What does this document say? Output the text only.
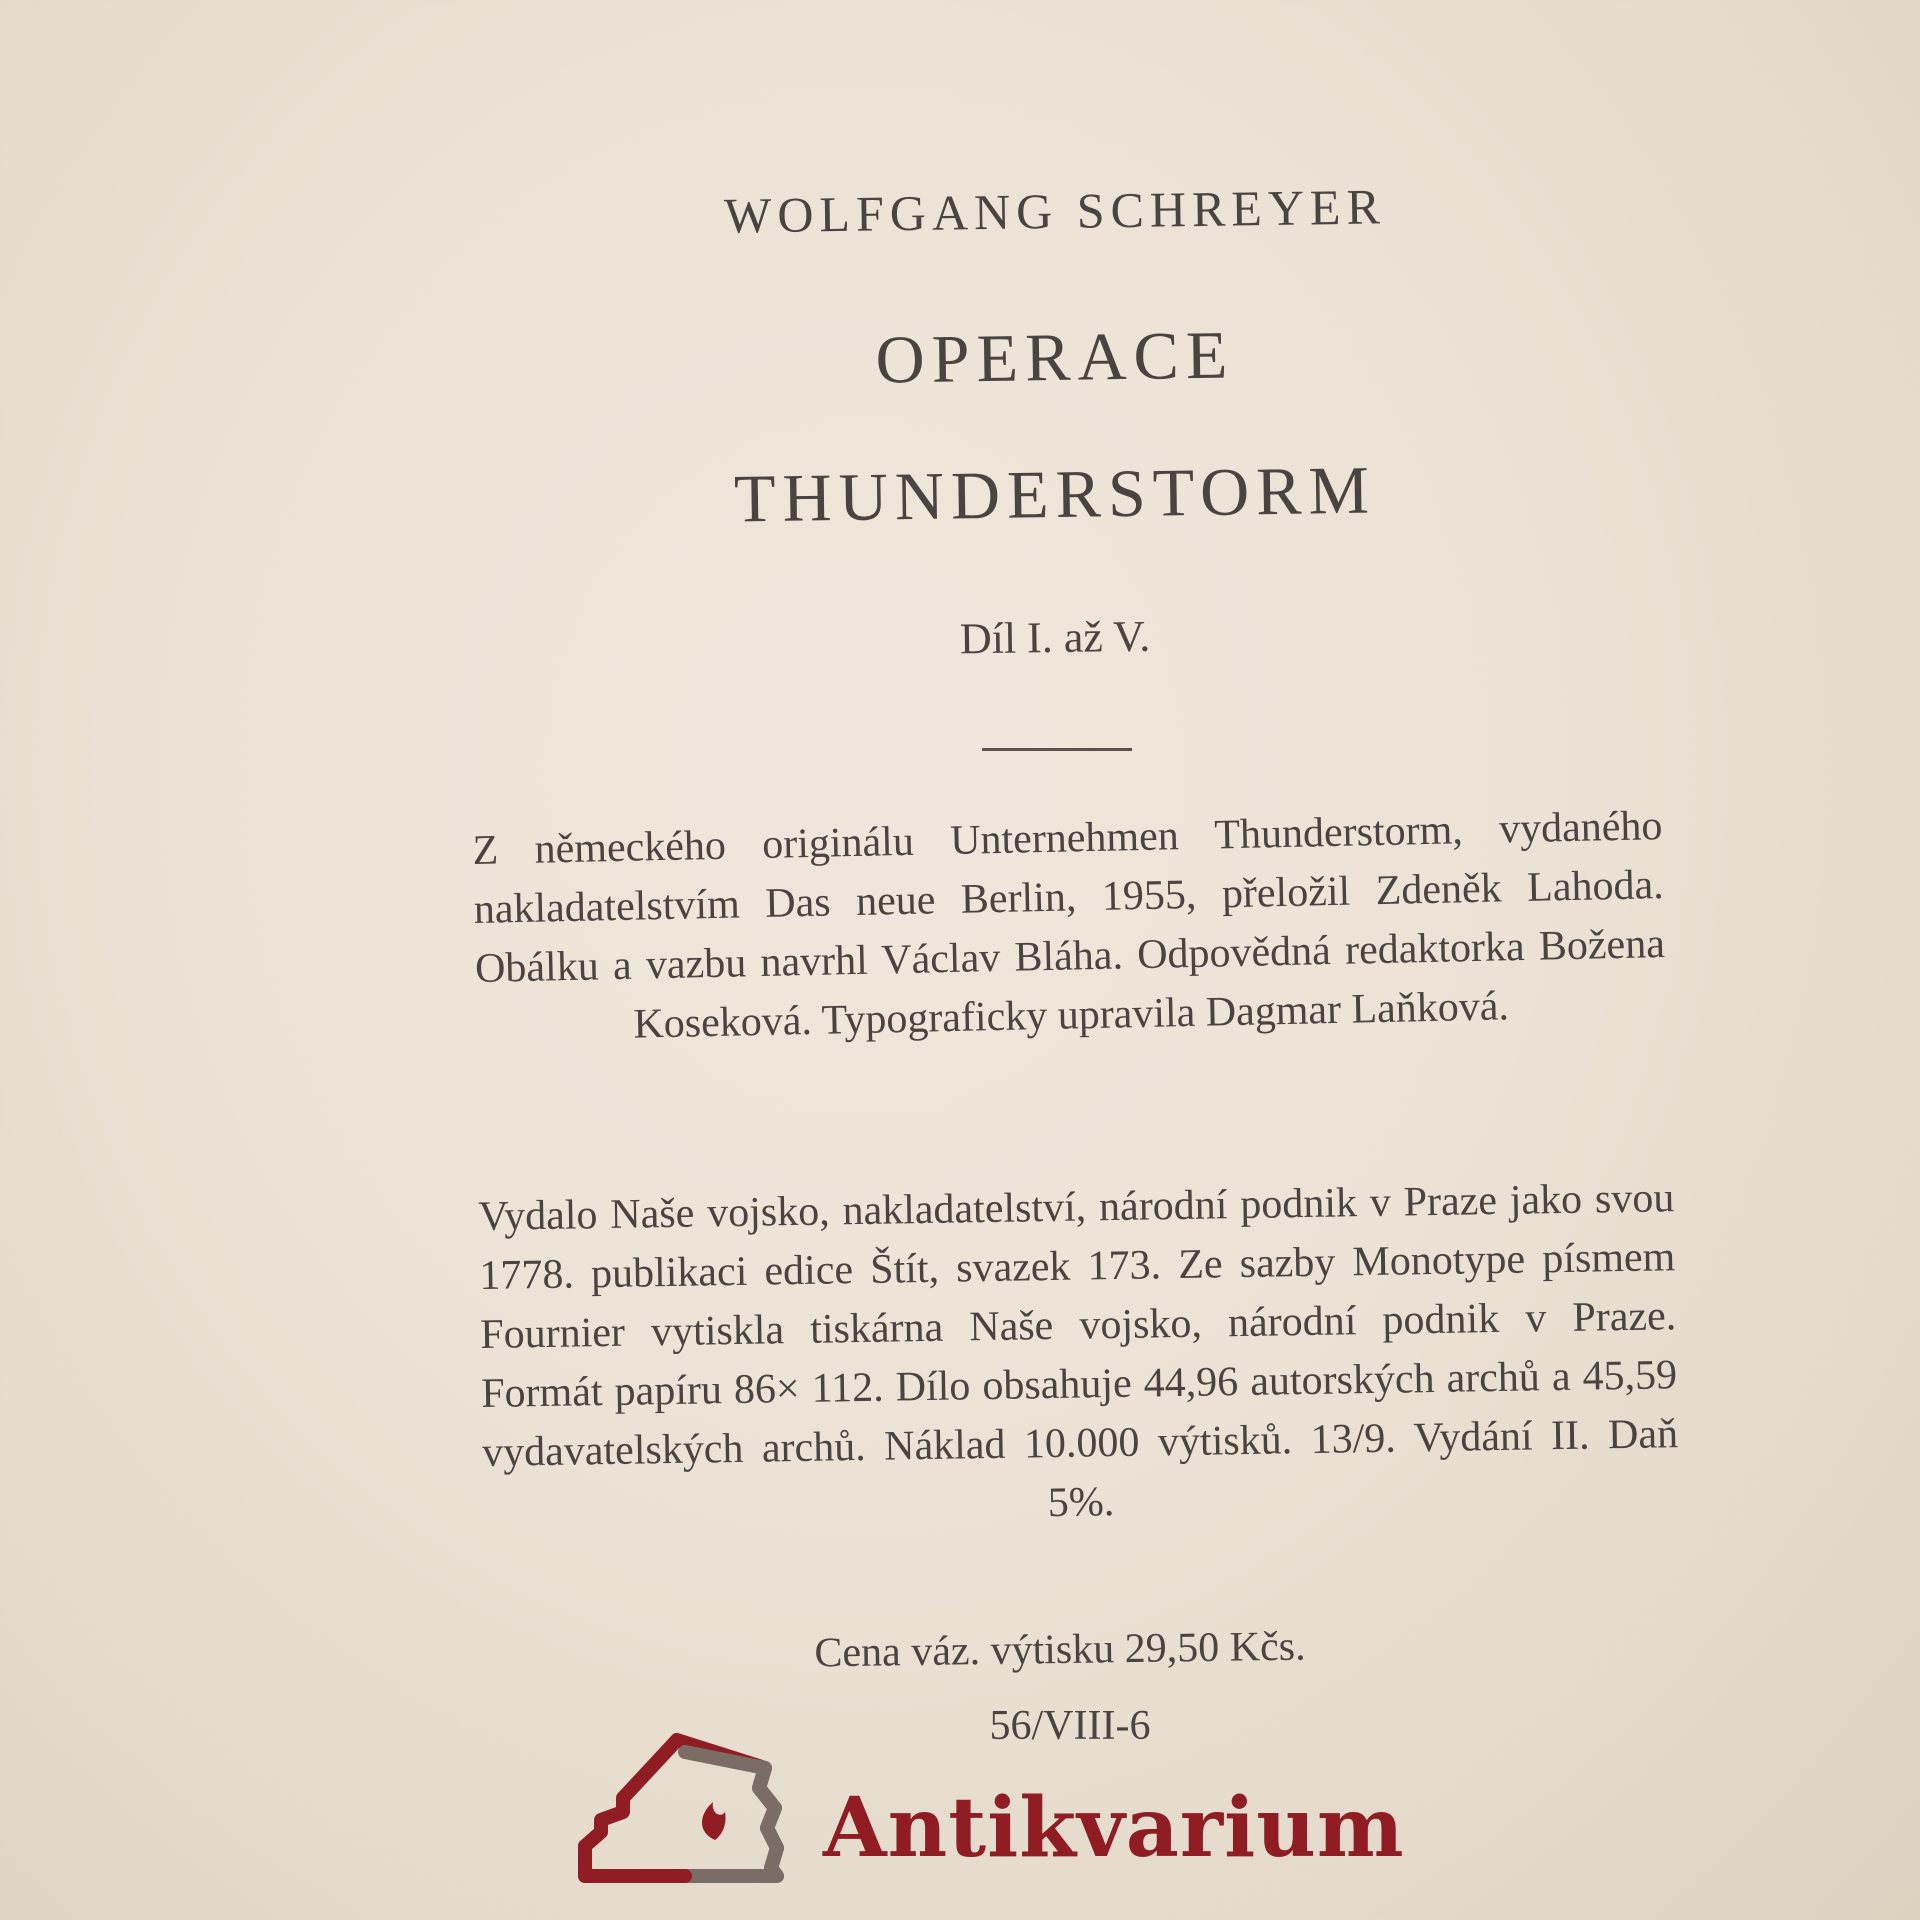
WOLFGANG SCHREYER
OPERACE
THUNDERSTORM
Díl I. až V.
Z německého originálu Unternehmen Thunderstorm, vydaného nakladatelstvím Das neue Berlin, 1955, přeložil Zdeněk Lahoda. Obálku a vazbu navrhl Václav Bláha. Odpovědná redaktorka Božena Koseková. Typograficky upravila Dagmar Laňková.
Vydalo Naše vojsko, nakladatelství, národní podnik v Praze jako svou 1778. publikaci edice Štít, svazek 173. Ze sazby Monotype písmem Fournier vytiskla tiskárna Naše vojsko, národní podnik v Praze. Formát papíru 86× 112. Dílo obsahuje 44,96 autorských archů a 45,59 vydavatelských archů. Náklad 10.000 výtisků. 13/9. Vydání II. Daň 5%.
Cena váz. výtisku 29,50 Kčs.
56/VIII-6
Antikvarium
